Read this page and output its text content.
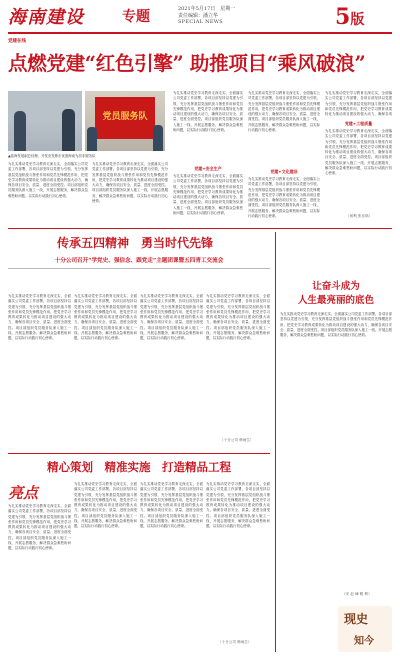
海南建设	专题	2021年5月17日　星期一
责任编辑：潘立华
SPECIAL NEWS	5版
党建在线
点燃党建“红色引擎” 助推项目“乘风破浪”
党员服务队
▲临海发展副总经理、开发至发斯市优惠海南为居非服务队
为扎实推动党史学习教育走深走实，全面落实公司党委工作部署，各项目部坚持以党建为引领，充分发挥基层党组织战斗堡垒作用和党员先锋模范作用，把党史学习教育成果转化为推动项目建设的强大动力，确保各项目安全、质量、进度全面受控。项目部组织党员服务队深入施工一线，开展志愿服务，解决群众急难愁盼问题，以实际行动践行初心使命。
为扎实推动党史学习教育走深走实，全面落实公司党委工作部署，各项目部坚持以党建为引领，充分发挥基层党组织战斗堡垒作用和党员先锋模范作用，把党史学习教育成果转化为推动项目建设的强大动力，确保各项目安全、质量、进度全面受控。项目部组织党员服务队深入施工一线，开展志愿服务，解决群众急难愁盼问题，以实际行动践行初心使命。
为扎实推动党史学习教育走深走实，全面落实公司党委工作部署，各项目部坚持以党建为引领，充分发挥基层党组织战斗堡垒作用和党员先锋模范作用，把党史学习教育成果转化为推动项目建设的强大动力，确保各项目安全、质量、进度全面受控。项目部组织党员服务队深入施工一线，开展志愿服务，解决群众急难愁盼问题，以实际行动践行初心使命。
党建+安全生产
为扎实推动党史学习教育走深走实，全面落实公司党委工作部署，各项目部坚持以党建为引领，充分发挥基层党组织战斗堡垒作用和党员先锋模范作用，把党史学习教育成果转化为推动项目建设的强大动力，确保各项目安全、质量、进度全面受控。项目部组织党员服务队深入施工一线，开展志愿服务，解决群众急难愁盼问题，以实际行动践行初心使命。
为扎实推动党史学习教育走深走实，全面落实公司党委工作部署，各项目部坚持以党建为引领，充分发挥基层党组织战斗堡垒作用和党员先锋模范作用，把党史学习教育成果转化为推动项目建设的强大动力，确保各项目安全、质量、进度全面受控。项目部组织党员服务队深入施工一线，开展志愿服务，解决群众急难愁盼问题，以实际行动践行初心使命。
党建+文化建设
为扎实推动党史学习教育走深走实，全面落实公司党委工作部署，各项目部坚持以党建为引领，充分发挥基层党组织战斗堡垒作用和党员先锋模范作用，把党史学习教育成果转化为推动项目建设的强大动力，确保各项目安全、质量、进度全面受控。项目部组织党员服务队深入施工一线，开展志愿服务，解决群众急难愁盼问题，以实际行动践行初心使命。
为扎实推动党史学习教育走深走实，全面落实公司党委工作部署，各项目部坚持以党建为引领，充分发挥基层党组织战斗堡垒作用和党员先锋模范作用，把党史学习教育成果转化为推动项目建设的强大动力，确保各项
党建+工程质量
为扎实推动党史学习教育走深走实，全面落实公司党委工作部署，各项目部坚持以党建为引领，充分发挥基层党组织战斗堡垒作用和党员先锋模范作用，把党史学习教育成果转化为推动项目建设的强大动力，确保各项目安全、质量、进度全面受控。项目部组织党员服务队深入施工一线，开展志愿服务，解决群众急难愁盼问题，以实际行动践行初心使命。
（何利 张亦琪）
传承五四精神　勇当时代先锋
十分公司召开“学党史、强信念、跟党走”主题团课暨五四青工交流会
为扎实推动党史学习教育走深走实，全面落实公司党委工作部署，各项目部坚持以党建为引领，充分发挥基层党组织战斗堡垒作用和党员先锋模范作用，把党史学习教育成果转化为推动项目建设的强大动力，确保各项目安全、质量、进度全面受控。项目部组织党员服务队深入施工一线，开展志愿服务，解决群众急难愁盼问题，以实际行动践行初心使命。
为扎实推动党史学习教育走深走实，全面落实公司党委工作部署，各项目部坚持以党建为引领，充分发挥基层党组织战斗堡垒作用和党员先锋模范作用，把党史学习教育成果转化为推动项目建设的强大动力，确保各项目安全、质量、进度全面受控。项目部组织党员服务队深入施工一线，开展志愿服务，解决群众急难愁盼问题，以实际行动践行初心使命。
为扎实推动党史学习教育走深走实，全面落实公司党委工作部署，各项目部坚持以党建为引领，充分发挥基层党组织战斗堡垒作用和党员先锋模范作用，把党史学习教育成果转化为推动项目建设的强大动力，确保各项目安全、质量、进度全面受控。项目部组织党员服务队深入施工一线，开展志愿服务，解决群众急难愁盼问题，以实际行动践行初心使命。
为扎实推动党史学习教育走深走实，全面落实公司党委工作部署，各项目部坚持以党建为引领，充分发挥基层党组织战斗堡垒作用和党员先锋模范作用，把党史学习教育成果转化为推动项目建设的强大动力，确保各项目安全、质量、进度全面受控。项目部组织党员服务队深入施工一线，开展志愿服务，解决群众急难愁盼问题，以实际行动践行初心使命。
（十分公司 韩雨生）
让奋斗成为
人生最亮丽的底色
为扎实推动党史学习教育走深走实，全面落实公司党委工作部署，各项目部坚持以党建为引领，充分发挥基层党组织战斗堡垒作用和党员先锋模范作用，把党史学习教育成果转化为推动项目建设的强大动力，确保各项目安全、质量、进度全面受控。项目部组织党员服务队深入施工一线，开展志愿服务，解决群众急难愁盼问题，以实际行动践行初心使命。
（安 赵 峰 鹤 利）
现史
知今
精心策划　精准实施　打造精品工程
亮点
为扎实推动党史学习教育走深走实，全面落实公司党委工作部署，各项目部坚持以党建为引领，充分发挥基层党组织战斗堡垒作用和党员先锋模范作用，把党史学习教育成果转化为推动项目建设的强大动力，确保各项目安全、质量、进度全面受控。项目部组织党员服务队深入施工一线，开展志愿服务，解决群众急难愁盼问题，以实际行动践行初心使命。
为扎实推动党史学习教育走深走实，全面落实公司党委工作部署，各项目部坚持以党建为引领，充分发挥基层党组织战斗堡垒作用和党员先锋模范作用，把党史学习教育成果转化为推动项目建设的强大动力，确保各项目安全、质量、进度全面受控。项目部组织党员服务队深入施工一线，开展志愿服务，解决群众急难愁盼问题，以实际行动践行初心使命。
为扎实推动党史学习教育走深走实，全面落实公司党委工作部署，各项目部坚持以党建为引领，充分发挥基层党组织战斗堡垒作用和党员先锋模范作用，把党史学习教育成果转化为推动项目建设的强大动力，确保各项目安全、质量、进度全面受控。项目部组织党员服务队深入施工一线，开展志愿服务，解决群众急难愁盼问题，以实际行动践行初心使命。
为扎实推动党史学习教育走深走实，全面落实公司党委工作部署，各项目部坚持以党建为引领，充分发挥基层党组织战斗堡垒作用和党员先锋模范作用，把党史学习教育成果转化为推动项目建设的强大动力，确保各项目安全、质量、进度全面受控。项目部组织党员服务队深入施工一线，开展志愿服务，解决群众急难愁盼问题，以实际行动践行初心使命。
（十分公司 韩雨生）
